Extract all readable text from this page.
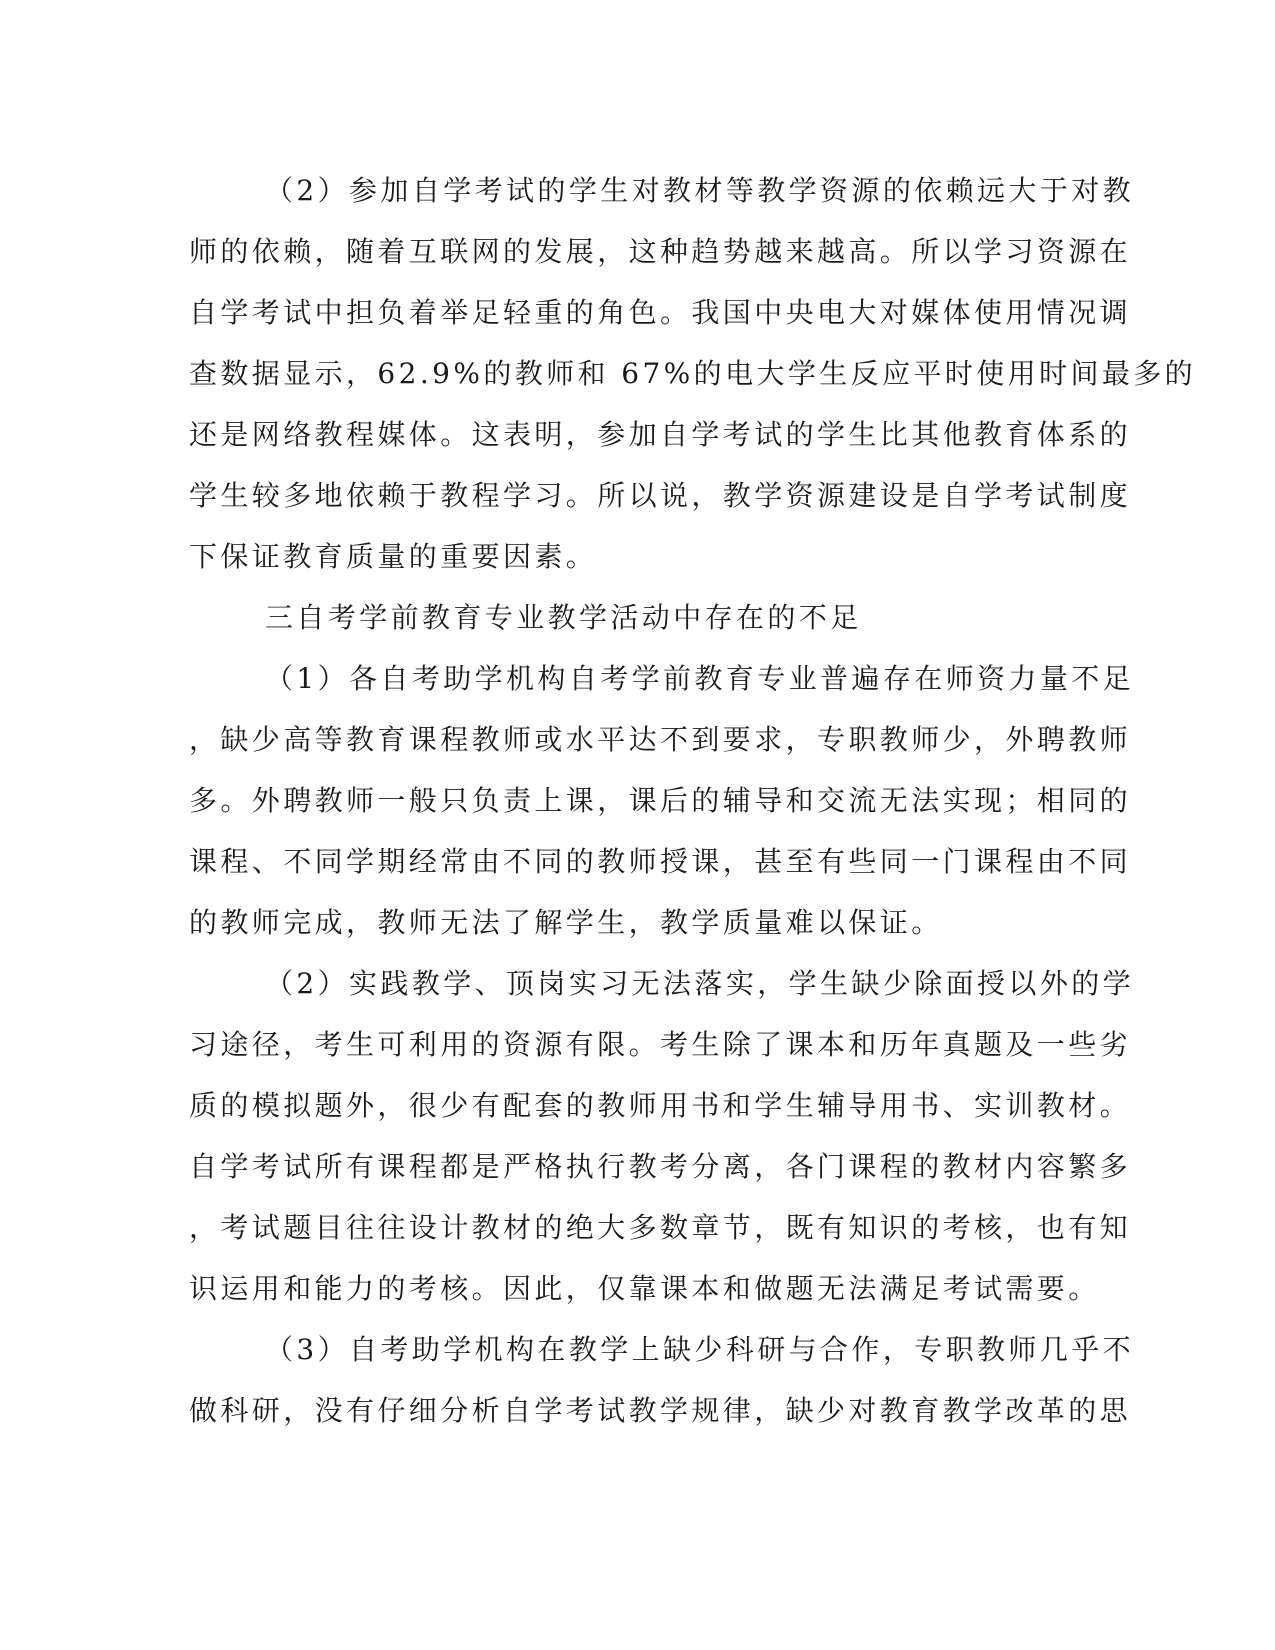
（2）参加自学考试的学生对教材等教学资源的依赖远大于对教
师的依赖，随着互联网的发展，这种趋势越来越高。所以学习资源在
自学考试中担负着举足轻重的角色。我国中央电大对媒体使用情况调
查数据显示，62.9%的教师和 67%的电大学生反应平时使用时间最多的
还是网络教程媒体。这表明，参加自学考试的学生比其他教育体系的
学生较多地依赖于教程学习。所以说，教学资源建设是自学考试制度
下保证教育质量的重要因素。
三自考学前教育专业教学活动中存在的不足
（1）各自考助学机构自考学前教育专业普遍存在师资力量不足
，缺少高等教育课程教师或水平达不到要求，专职教师少，外聘教师
多。外聘教师一般只负责上课，课后的辅导和交流无法实现；相同的
课程、不同学期经常由不同的教师授课，甚至有些同一门课程由不同
的教师完成，教师无法了解学生，教学质量难以保证。
（2）实践教学、顶岗实习无法落实，学生缺少除面授以外的学
习途径，考生可利用的资源有限。考生除了课本和历年真题及一些劣
质的模拟题外，很少有配套的教师用书和学生辅导用书、实训教材。
自学考试所有课程都是严格执行教考分离，各门课程的教材内容繁多
，考试题目往往设计教材的绝大多数章节，既有知识的考核，也有知
识运用和能力的考核。因此，仅靠课本和做题无法满足考试需要。
（3）自考助学机构在教学上缺少科研与合作，专职教师几乎不
做科研，没有仔细分析自学考试教学规律，缺少对教育教学改革的思
